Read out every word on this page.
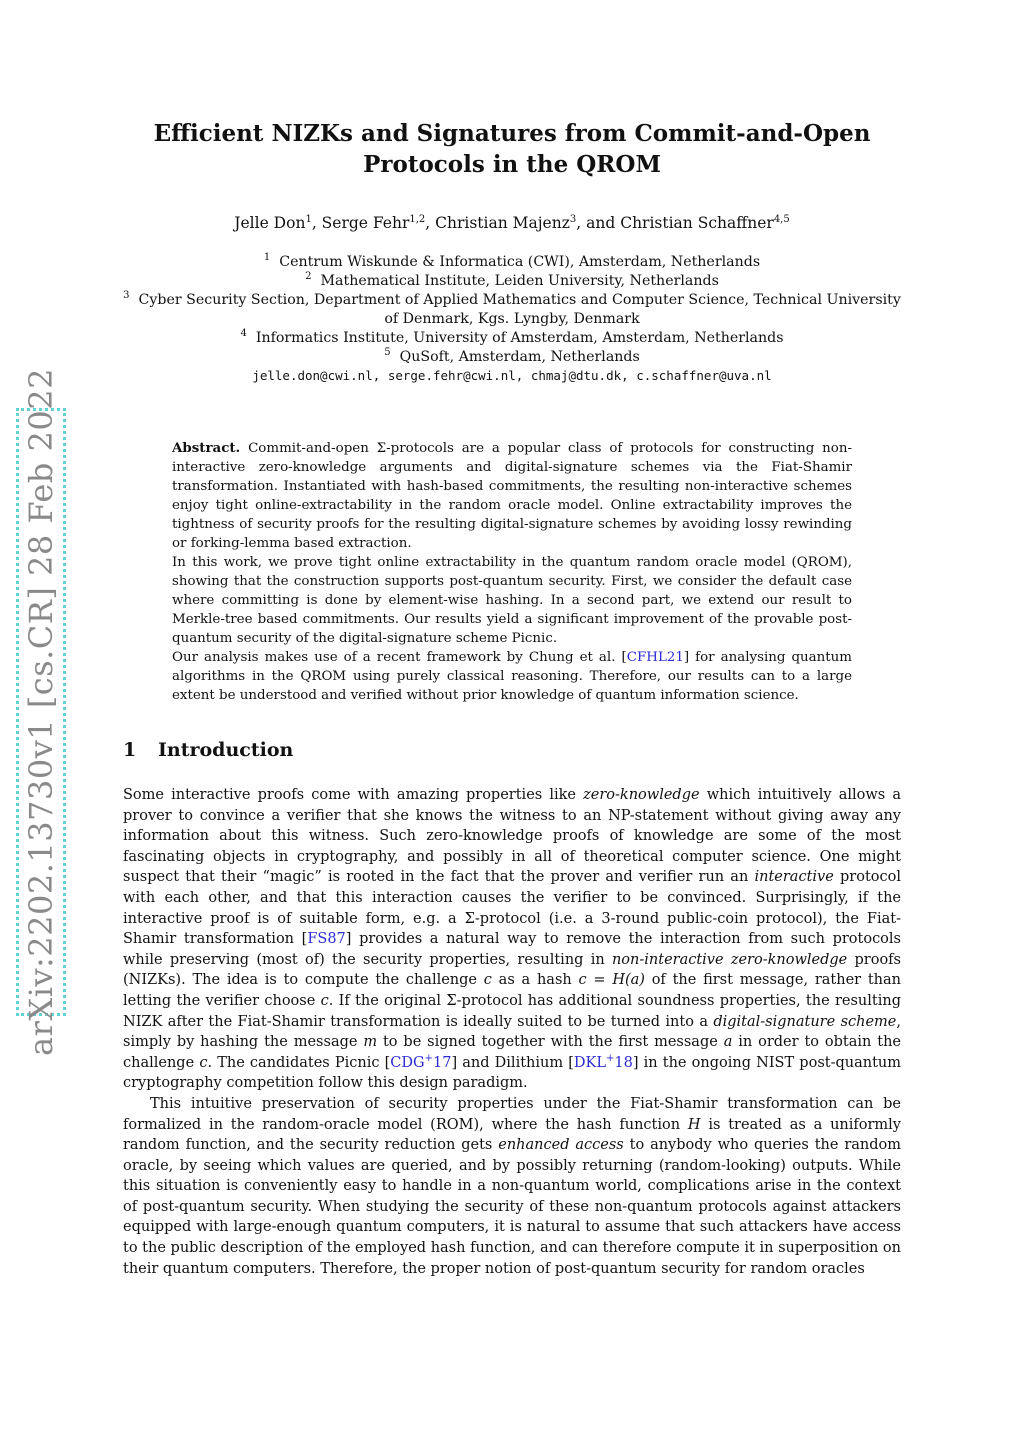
arXiv:2202.13730v1 [cs.CR] 28 Feb 2022
Efficient NIZKs and Signatures from Commit-and-Open
Protocols in the QROM
Jelle Don$^1$, Serge Fehr$^{1,2}$, Christian Majenz$^3$, and Christian Schaffner$^{4,5}$
$^1$ Centrum Wiskunde & Informatica (CWI), Amsterdam, Netherlands
$^2$ Mathematical Institute, Leiden University, Netherlands
$^3$ Cyber Security Section, Department of Applied Mathematics and Computer Science, Technical University of Denmark, Kgs. Lyngby, Denmark
$^4$ Informatics Institute, University of Amsterdam, Amsterdam, Netherlands
$^5$ QuSoft, Amsterdam, Netherlands
jelle.don@cwi.nl, serge.fehr@cwi.nl, chmaj@dtu.dk, c.schaffner@uva.nl

Abstract. Commit-and-open Σ-protocols are a popular class of protocols for constructing non-interactive zero-knowledge arguments and digital-signature schemes via the Fiat-Shamir transformation. Instantiated with hash-based commitments, the resulting non-interactive schemes enjoy tight online-extractability in the random oracle model. Online extractability improves the tightness of security proofs for the resulting digital-signature schemes by avoiding lossy rewinding or forking-lemma based extraction.

In this work, we prove tight online extractability in the quantum random oracle model (QROM), showing that the construction supports post-quantum security. First, we consider the default case where committing is done by element-wise hashing. In a second part, we extend our result to Merkle-tree based commitments. Our results yield a significant improvement of the provable post-quantum security of the digital-signature scheme Picnic.

Our analysis makes use of a recent framework by Chung et al. [CFHL21] for analysing quantum algorithms in the QROM using purely classical reasoning. Therefore, our results can to a large extent be understood and verified without prior knowledge of quantum information science.

1 Introduction

Some interactive proofs come with amazing properties like zero-knowledge which intuitively allows a prover to convince a verifier that she knows the witness to an NP-statement without giving away any information about this witness. Such zero-knowledge proofs of knowledge are some of the most fascinating objects in cryptography, and possibly in all of theoretical computer science. One might suspect that their “magic” is rooted in the fact that the prover and verifier run an interactive protocol with each other, and that this interaction causes the verifier to be convinced. Surprisingly, if the interactive proof is of suitable form, e.g. a Σ-protocol (i.e. a 3-round public-coin protocol), the Fiat-Shamir transformation [FS87] provides a natural way to remove the interaction from such protocols while preserving (most of) the security properties, resulting in non-interactive zero-knowledge proofs (NIZKs). The idea is to compute the challenge c as a hash c = H(a) of the first message, rather than letting the verifier choose c. If the original Σ-protocol has additional soundness properties, the resulting NIZK after the Fiat-Shamir transformation is ideally suited to be turned into a digital-signature scheme, simply by hashing the message m to be signed together with the first message a in order to obtain the challenge c. The candidates Picnic [CDG+17] and Dilithium [DKL+18] in the ongoing NIST post-quantum cryptography competition follow this design paradigm.

This intuitive preservation of security properties under the Fiat-Shamir transformation can be formalized in the random-oracle model (ROM), where the hash function H is treated as a uniformly random function, and the security reduction gets enhanced access to anybody who queries the random oracle, by seeing which values are queried, and by possibly returning (random-looking) outputs. While this situation is conveniently easy to handle in a non-quantum world, complications arise in the context of post-quantum security. When studying the security of these non-quantum protocols against attackers equipped with large-enough quantum computers, it is natural to assume that such attackers have access to the public description of the employed hash function, and can therefore compute it in superposition on their quantum computers. Therefore, the proper notion of post-quantum security for random oracles
